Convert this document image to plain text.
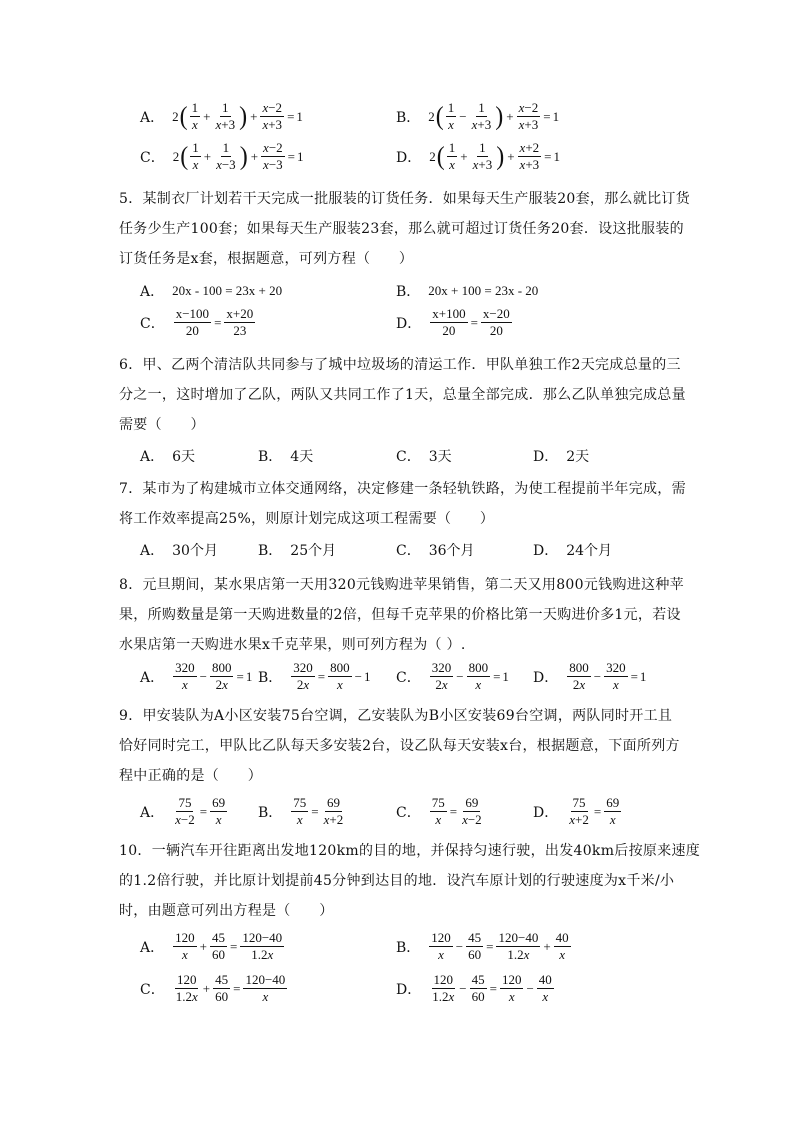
A． 2 ( $\frac{1}{x} + \frac{1}{x+3}$ ) + $\frac{x-2}{x+3} = 1$	B． 2 ( $\frac{1}{x} - \frac{1}{x+3}$ ) + $\frac{x-2}{x+3} = 1$
C． 2 ( $\frac{1}{x} + \frac{1}{x-3}$ ) + $\frac{x-2}{x-3} = 1$	D． 2 ( $\frac{1}{x} + \frac{1}{x+3}$ ) + $\frac{x+2}{x+3} = 1$
5．某制衣厂计划若干天完成一批服装的订货任务．如果每天生产服装20套，那么就比订货
任务少生产100套；如果每天生产服装23套，那么就可超过订货任务20套．设这批服装的
订货任务是x套，根据题意，可列方程（　　）
A． 20x - 100 = 23x + 20	B． 20x + 100 = 23x - 20
C． $\frac{x-100}{20} = \frac{x+20}{23}$	D． $\frac{x+100}{20} = \frac{x-20}{20}$
6．甲、乙两个清洁队共同参与了城中垃圾场的清运工作．甲队单独工作2天完成总量的三
分之一，这时增加了乙队，两队又共同工作了1天，总量全部完成．那么乙队单独完成总量
需要（　　）
A． 6天	B． 4天	C． 3天	D． 2天
7．某市为了构建城市立体交通网络，决定修建一条轻轨铁路，为使工程提前半年完成，需
将工作效率提高25%，则原计划完成这项工程需要（　　）
A． 30个月	B． 25个月	C． 36个月	D． 24个月
8．元旦期间，某水果店第一天用320元钱购进苹果销售，第二天又用800元钱购进这种苹
果，所购数量是第一天购进数量的2倍，但每千克苹果的价格比第一天购进价多1元，若设
水果店第一天购进水果x千克苹果，则可列方程为（ ）.
A． $\frac{320}{x} - \frac{800}{2x} = 1$ B． $\frac{320}{2x} = \frac{800}{x} - 1$ C． $\frac{320}{2x} - \frac{800}{x} = 1$ D． $\frac{800}{2x} - \frac{320}{x} = 1$
9．甲安装队为A小区安装75台空调，乙安装队为B小区安装69台空调，两队同时开工且
恰好同时完工，甲队比乙队每天多安装2台，设乙队每天安装x台，根据题意，下面所列方
程中正确的是（　　）
A． $\frac{75}{x-2} = \frac{69}{x}$ B． $\frac{75}{x} = \frac{69}{x+2}$	C． $\frac{75}{x} = \frac{69}{x-2}$	D． $\frac{75}{x+2} = \frac{69}{x}$
10．一辆汽车开往距离出发地120km的目的地，并保持匀速行驶，出发40km后按原来速度
的1.2倍行驶，并比原计划提前45分钟到达目的地．设汽车原计划的行驶速度为x千米/小
时，由题意可列出方程是（　　）
A． $\frac{120}{x} + \frac{45}{60} = \frac{120-40}{1.2x}$	B． $\frac{120}{x} - \frac{45}{60} = \frac{120-40}{1.2x} + \frac{40}{x}$
C． $\frac{120}{1.2x} + \frac{45}{60} = \frac{120-40}{x}$	D． $\frac{120}{1.2x} - \frac{45}{60} = \frac{120}{x} - \frac{40}{x}$
